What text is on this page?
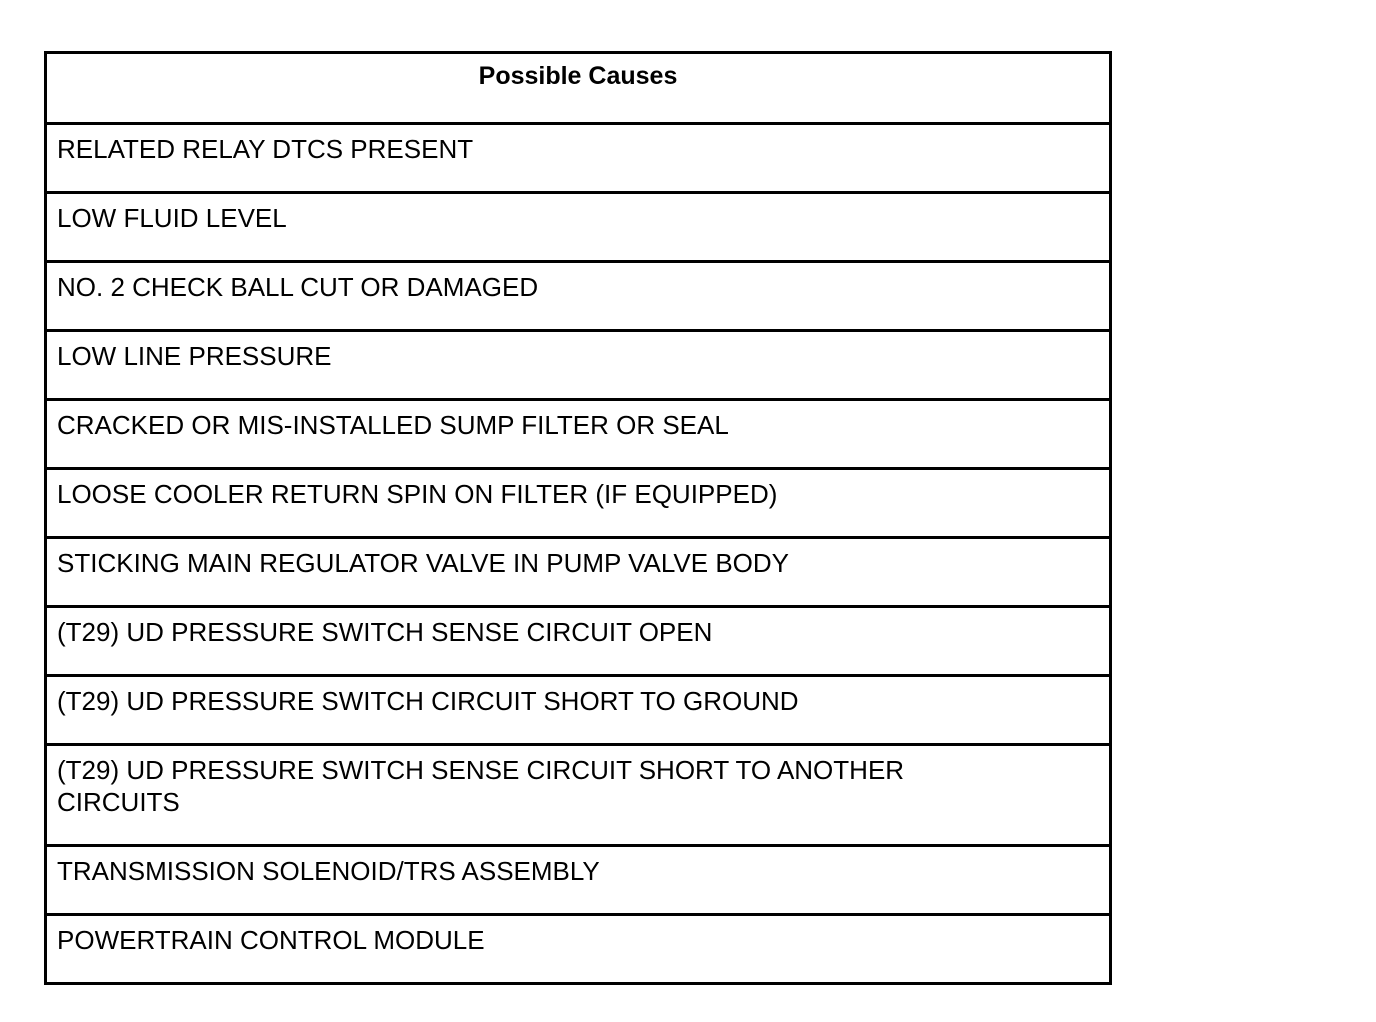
Possible Causes
RELATED RELAY DTCS PRESENT
LOW FLUID LEVEL
NO. 2 CHECK BALL CUT OR DAMAGED
LOW LINE PRESSURE
CRACKED OR MIS-INSTALLED SUMP FILTER OR SEAL
LOOSE COOLER RETURN SPIN ON FILTER (IF EQUIPPED)
STICKING MAIN REGULATOR VALVE IN PUMP VALVE BODY
(T29) UD PRESSURE SWITCH SENSE CIRCUIT OPEN
(T29) UD PRESSURE SWITCH CIRCUIT SHORT TO GROUND
(T29) UD PRESSURE SWITCH SENSE CIRCUIT SHORT TO ANOTHER CIRCUITS
TRANSMISSION SOLENOID/TRS ASSEMBLY
POWERTRAIN CONTROL MODULE
